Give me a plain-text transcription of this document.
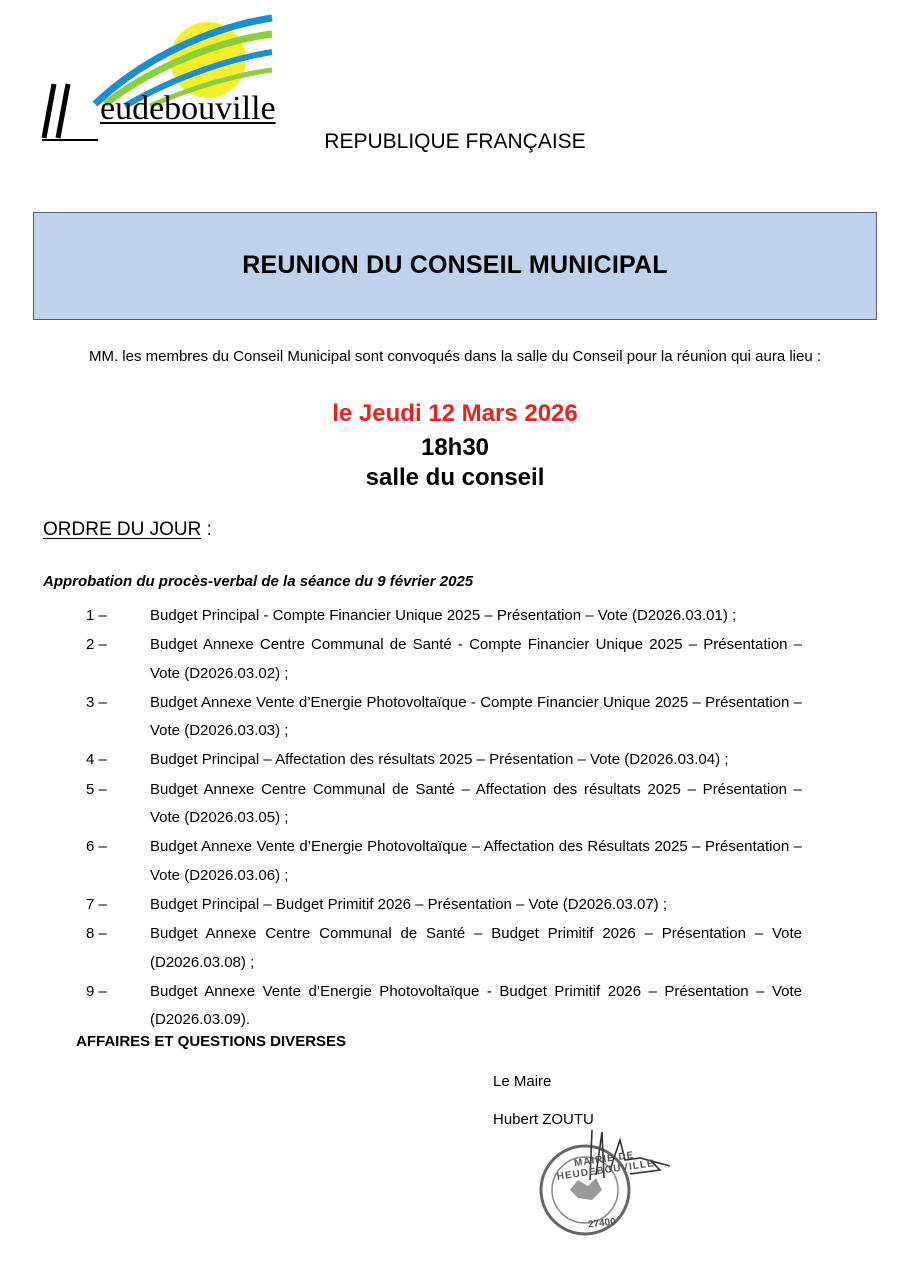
eudebouville
REPUBLIQUE FRANÇAISE
REUNION DU CONSEIL MUNICIPAL
MM. les membres du Conseil Municipal sont convoqués dans la salle du Conseil pour la réunion qui aura lieu :
le Jeudi 12 Mars 2026
18h30
salle du conseil
ORDRE DU JOUR :
Approbation du procès-verbal de la séance du 9 février 2025
1 –	Budget Principal - Compte Financier Unique 2025 – Présentation – Vote (D2026.03.01) ;
2 –	Budget Annexe Centre Communal de Santé - Compte Financier Unique 2025 – Présentation – Vote (D2026.03.02) ;
3 –	Budget Annexe Vente d’Energie Photovoltaïque - Compte Financier Unique 2025 – Présentation – Vote (D2026.03.03) ;
4 –	Budget Principal – Affectation des résultats 2025 – Présentation – Vote (D2026.03.04) ;
5 –	Budget Annexe Centre Communal de Santé – Affectation des résultats 2025 – Présentation – Vote (D2026.03.05) ;
6 –	Budget Annexe Vente d’Energie Photovoltaïque – Affectation des Résultats 2025 – Présentation – Vote (D2026.03.06) ;
7 –	Budget Principal – Budget Primitif 2026 – Présentation – Vote (D2026.03.07) ;
8 –	Budget Annexe Centre Communal de Santé – Budget Primitif 2026 – Présentation – Vote (D2026.03.08) ;
9 –	Budget Annexe Vente d’Energie Photovoltaïque - Budget Primitif 2026 – Présentation – Vote (D2026.03.09).
AFFAIRES ET QUESTIONS DIVERSES
Le Maire
Hubert ZOUTU
MAIRIE DE HEUDEBOUVILLE
27400
